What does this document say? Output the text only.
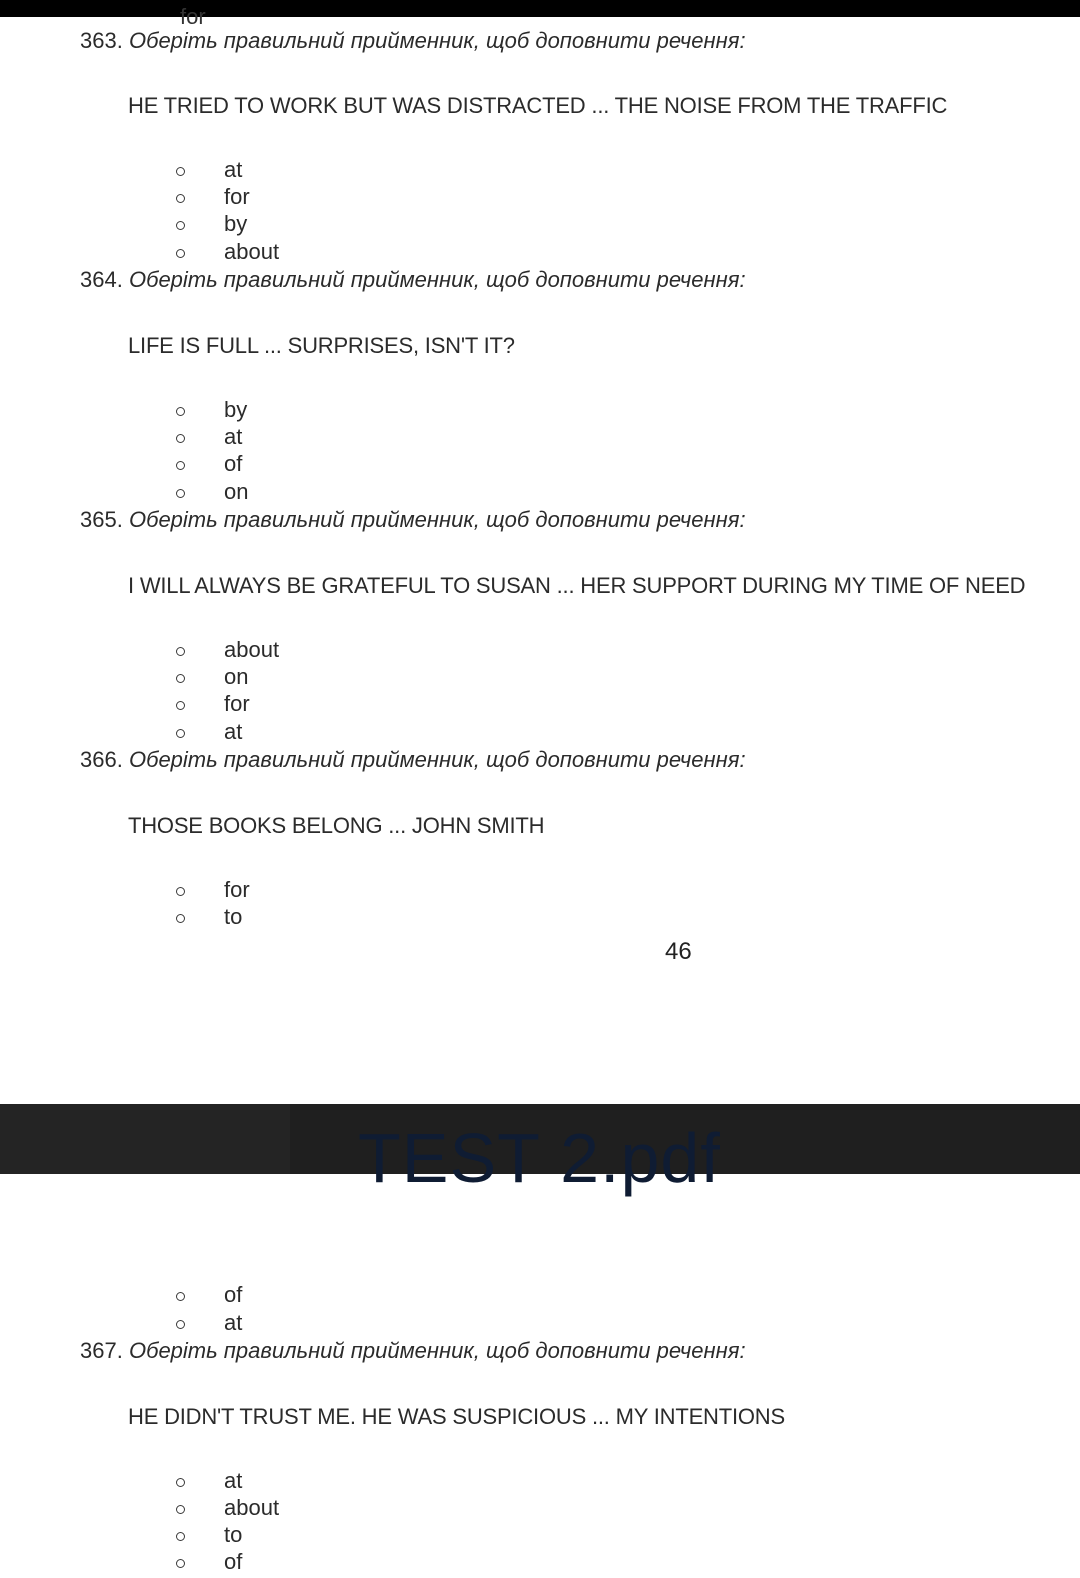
for
363. Оберіть правильний прийменник, щоб доповнити речення:
HE TRIED TO WORK BUT WAS DISTRACTED ... THE NOISE FROM THE TRAFFIC
at
for
by
about
364. Оберіть правильний прийменник, щоб доповнити речення:
LIFE IS FULL ... SURPRISES, ISN'T IT?
by
at
of
on
365. Оберіть правильний прийменник, щоб доповнити речення:
I WILL ALWAYS BE GRATEFUL TO SUSAN ... HER SUPPORT DURING MY TIME OF NEED
about
on
for
at
366. Оберіть правильний прийменник, щоб доповнити речення:
THOSE BOOKS BELONG ... JOHN SMITH
for
to
46
TEST 2.pdf
of
at
367. Оберіть правильний прийменник, щоб доповнити речення:
HE DIDN'T TRUST ME. HE WAS SUSPICIOUS ... MY INTENTIONS
at
about
to
of
